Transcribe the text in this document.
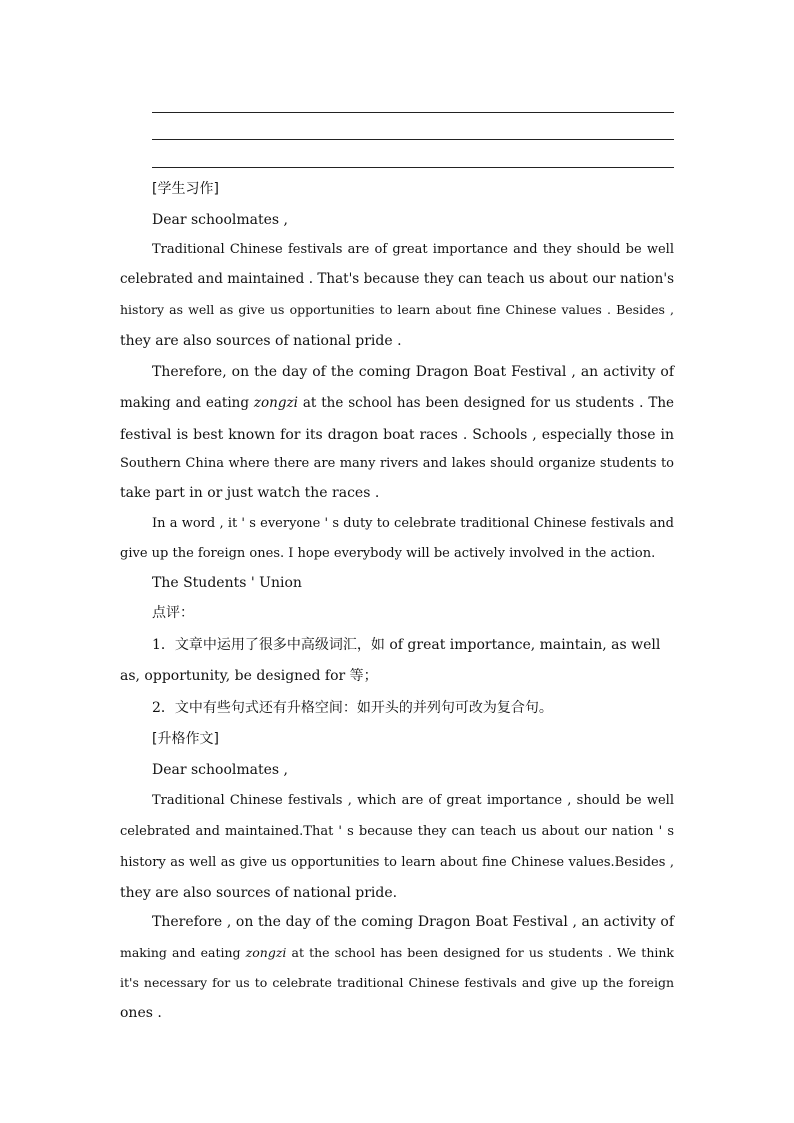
[学生习作]
Dear schoolmates ,
Traditional Chinese festivals are of great importance and they should be well
celebrated and maintained . That's because they can teach us about our nation's
history as well as give us opportunities to learn about fine Chinese values . Besides ,
they are also sources of national pride .
Therefore, on the day of the coming Dragon Boat Festival , an activity of
making and eating zongzi at the school has been designed for us students . The
festival is best known for its dragon boat races . Schools , especially those in
Southern China where there are many rivers and lakes should organize students to
take part in or just watch the races .
In a word , it ' s everyone ' s duty to celebrate traditional Chinese festivals and
give up the foreign ones. I hope everybody will be actively involved in the action.
The Students ' Union
点评：
1．文章中运用了很多中高级词汇，如 of great importance, maintain, as well
as, opportunity, be designed for 等；
2．文中有些句式还有升格空间：如开头的并列句可改为复合句。
[升格作文]
Dear schoolmates ,
Traditional Chinese festivals , which are of great importance , should be well
celebrated and maintained.That ' s because they can teach us about our nation ' s
history as well as give us opportunities to learn about fine Chinese values.Besides ,
they are also sources of national pride.
Therefore , on the day of the coming Dragon Boat Festival , an activity of
making and eating zongzi at the school has been designed for us students . We think
it's necessary for us to celebrate traditional Chinese festivals and give up the foreign
ones .
